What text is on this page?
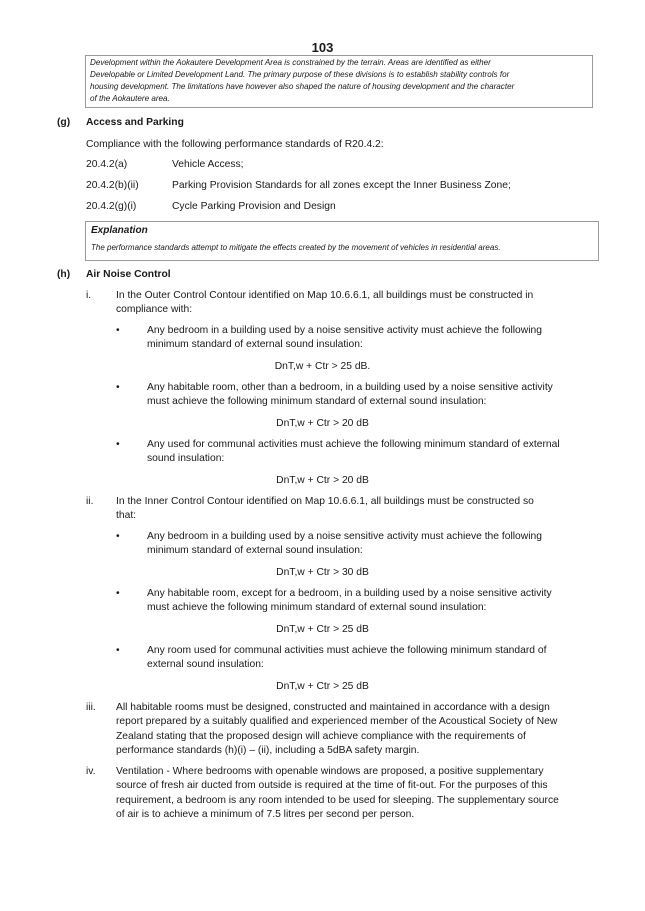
103
Development within the Aokautere Development Area is constrained by the terrain. Areas are identified as either
Developable or Limited Development Land. The primary purpose of these divisions is to establish stability controls for
housing development. The limitations have however also shaped the nature of housing development and the character
of the Aokautere area.
(g) Access and Parking
Compliance with the following performance standards of R20.4.2:
20.4.2(a)	Vehicle Access;
20.4.2(b)(ii)	Parking Provision Standards for all zones except the Inner Business Zone;
20.4.2(g)(i)	Cycle Parking Provision and Design
Explanation
The performance standards attempt to mitigate the effects created by the movement of vehicles in residential areas.
(h) Air Noise Control
i. In the Outer Control Contour identified on Map 10.6.6.1, all buildings must be constructed in
compliance with:
•	Any bedroom in a building used by a noise sensitive activity must achieve the following
minimum standard of external sound insulation:
DnT,w + Ctr > 25 dB.
•	Any habitable room, other than a bedroom, in a building used by a noise sensitive activity
must achieve the following minimum standard of external sound insulation:
DnT,w + Ctr > 20 dB
•	Any used for communal activities must achieve the following minimum standard of external
sound insulation:
DnT,w + Ctr > 20 dB
ii. In the Inner Control Contour identified on Map 10.6.6.1, all buildings must be constructed so
that:
•	Any bedroom in a building used by a noise sensitive activity must achieve the following
minimum standard of external sound insulation:
DnT,w + Ctr > 30 dB
•	Any habitable room, except for a bedroom, in a building used by a noise sensitive activity
must achieve the following minimum standard of external sound insulation:
DnT,w + Ctr > 25 dB
•	Any room used for communal activities must achieve the following minimum standard of
external sound insulation:
DnT,w + Ctr > 25 dB
iii. All habitable rooms must be designed, constructed and maintained in accordance with a design
report prepared by a suitably qualified and experienced member of the Acoustical Society of New
Zealand stating that the proposed design will achieve compliance with the requirements of
performance standards (h)(i) – (ii), including a 5dBA safety margin.
iv. Ventilation - Where bedrooms with openable windows are proposed, a positive supplementary
source of fresh air ducted from outside is required at the time of fit-out. For the purposes of this
requirement, a bedroom is any room intended to be used for sleeping. The supplementary source
of air is to achieve a minimum of 7.5 litres per second per person.
